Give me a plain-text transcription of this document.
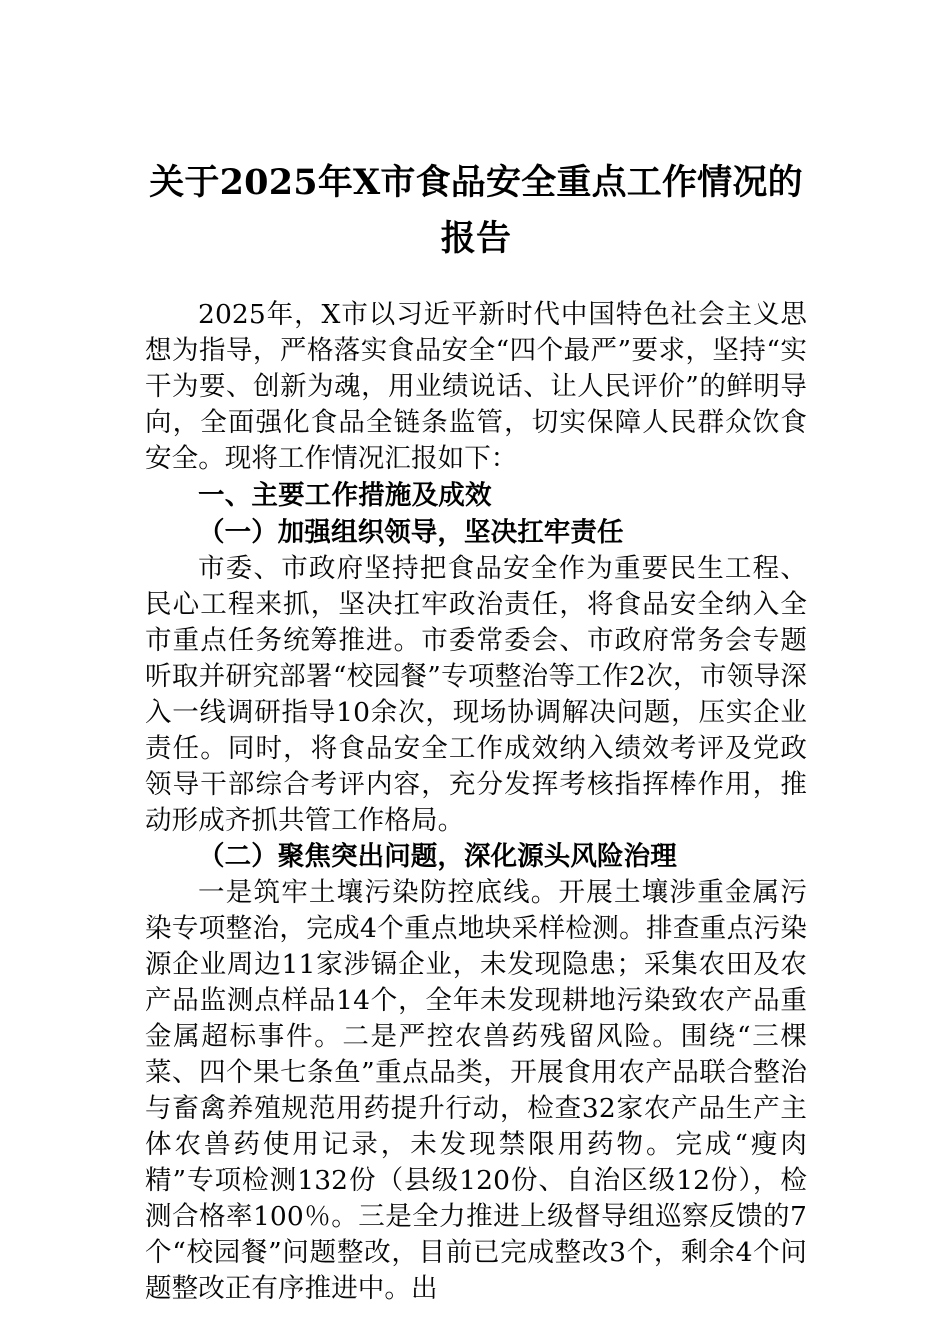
关于2025年X市食品安全重点工作情况的
报告

2025年，X市以习近平新时代中国特色社会主义思想为指导，严格落实食品安全“四个最严”要求，坚持“实干为要、创新为魂，用业绩说话、让人民评价”的鲜明导向，全面强化食品全链条监管，切实保障人民群众饮食安全。现将工作情况汇报如下：

一、主要工作措施及成效
（一）加强组织领导，坚决扛牢责任

市委、市政府坚持把食品安全作为重要民生工程、民心工程来抓，坚决扛牢政治责任，将食品安全纳入全市重点任务统筹推进。市委常委会、市政府常务会专题听取并研究部署“校园餐”专项整治等工作2次，市领导深入一线调研指导10余次，现场协调解决问题，压实企业责任。同时，将食品安全工作成效纳入绩效考评及党政领导干部综合考评内容，充分发挥考核指挥棒作用，推动形成齐抓共管工作格局。

（二）聚焦突出问题，深化源头风险治理

一是筑牢土壤污染防控底线。开展土壤涉重金属污染专项整治，完成4个重点地块采样检测。排查重点污染源企业周边11家涉镉企业，未发现隐患；采集农田及农产品监测点样品14个，全年未发现耕地污染致农产品重金属超标事件。二是严控农兽药残留风险。围绕“三棵菜、四个果七条鱼”重点品类，开展食用农产品联合整治与畜禽养殖规范用药提升行动，检查32家农产品生产主体农兽药使用记录，未发现禁限用药物。完成“瘦肉精”专项检测132份（县级120份、自治区级12份），检测合格率100％。三是全力推进上级督导组巡察反馈的7个“校园餐”问题整改，目前已完成整改3个，剩余4个问题整改正有序推进中。出
